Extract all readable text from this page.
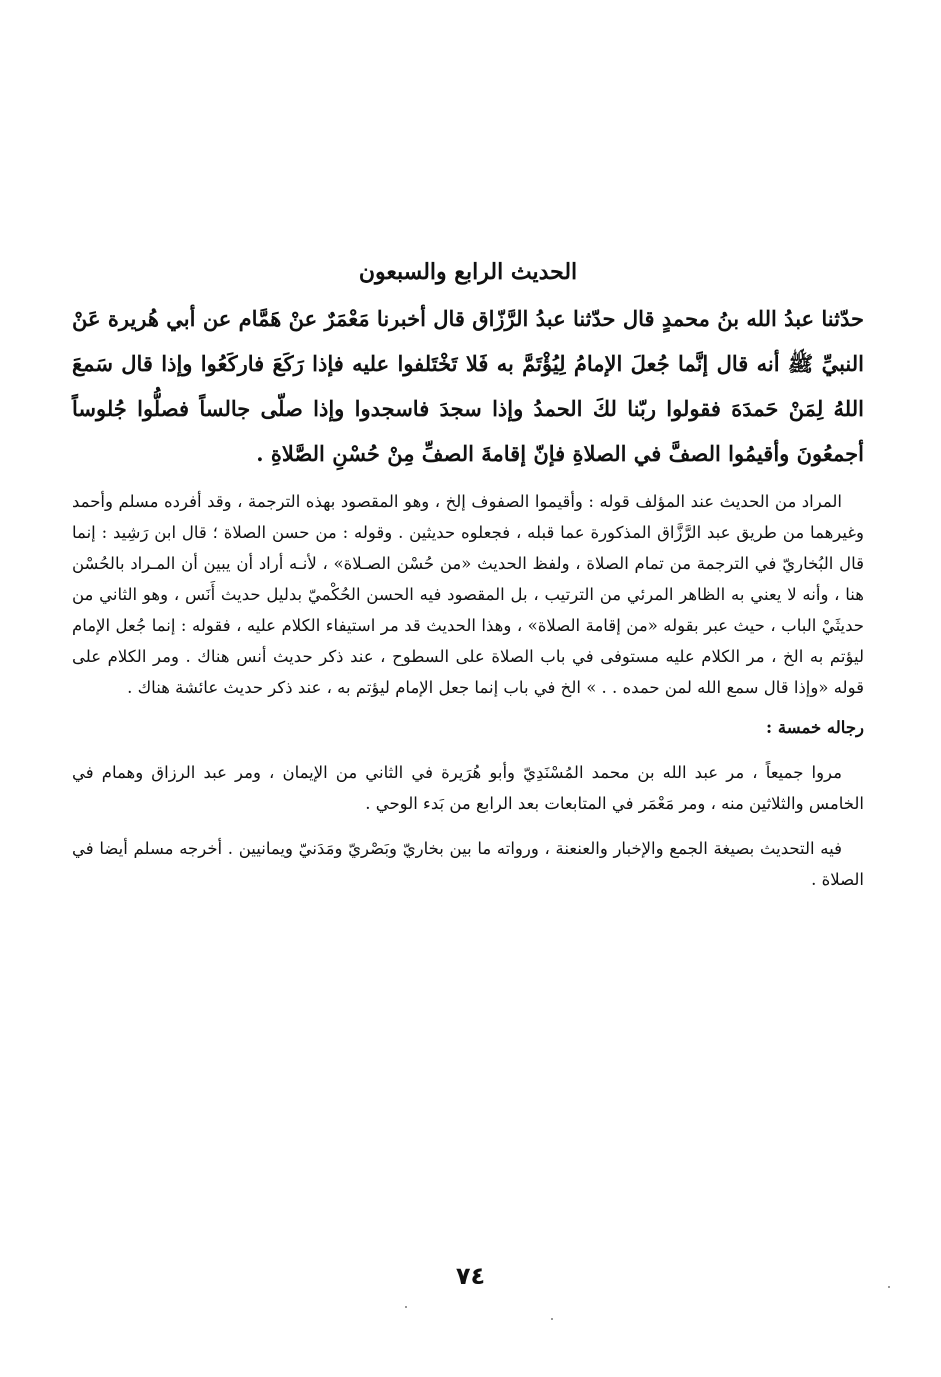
الحديث الرابع والسبعون

حدّثنا عبدُ الله بنُ محمدٍ قال حدّثنا عبدُ الرَّزّاق قال أخبرنا مَعْمَرٌ عنْ هَمَّام عن أبي هُريرة عَنْ النبيِّ ﷺ أنه قال إنَّما جُعلَ الإمامُ لِيُؤْتَمَّ به فَلا تَخْتَلفوا عليه فإذا رَكَعَ فاركَعُوا وإذا قال سَمعَ اللهُ لِمَنْ حَمدَهَ فقولوا ربّنا لكَ الحمدُ وإذا سجدَ فاسجدوا وإذا صلّى جالساً فصلُّوا جُلوساً أجمعُونَ وأقيمُوا الصفَّ في الصلاةِ فإنّ إقامةَ الصفِّ مِنْ حُسْنِ الصَّلاةِ .

المراد من الحديث عند المؤلف قوله : وأقيموا الصفوف إلخ ، وهو المقصود بهذه الترجمة ، وقد أفرده مسلم وأحمد وغيرهما من طريق عبد الرَّزَّاق المذكورة عما قبله ، فجعلوه حديثين . وقوله : من حسن الصلاة ؛ قال ابن رَشِيد : إنما قال البُخاريّ في الترجمة من تمام الصلاة ، ولفظ الحديث «من حُسْن الصـلاة» ، لأنـه أراد أن يبين أن المـراد بالحُسْن هنا ، وأنه لا يعني به الظاهر المرئي من الترتيب ، بل المقصود فيه الحسن الحُكْميّ بدليل حديث أَنَس ، وهو الثاني من حديثَيْ الباب ، حيث عبر بقوله «من إقامة الصلاة» ، وهذا الحديث قد مر استيفاء الكلام عليه ، فقوله : إنما جُعل الإمام ليؤتم به الخ ، مر الكلام عليه مستوفى في باب الصلاة على السطوح ، عند ذكر حديث أنس هناك . ومر الكلام على قوله «وإذا قال سمع الله لمن حمده . . » الخ في باب إنما جعل الإمام ليؤتم به ، عند ذكر حديث عائشة هناك .

رجاله خمسة :

مروا جميعاً ، مر عبد الله بن محمد المُسْنَدِيّ وأبو هُرَيرة في الثاني من الإيمان ، ومر عبد الرزاق وهمام في الخامس والثلاثين منه ، ومر مَعْمَر في المتابعات بعد الرابع من بَدء الوحي .

فيه التحديث بصيغة الجمع والإخبار والعنعنة ، ورواته ما بين بخاريّ وبَصْريّ ومَدَنيّ ويمانيين . أخرجه مسلم أيضا في الصلاة .

٧٤
